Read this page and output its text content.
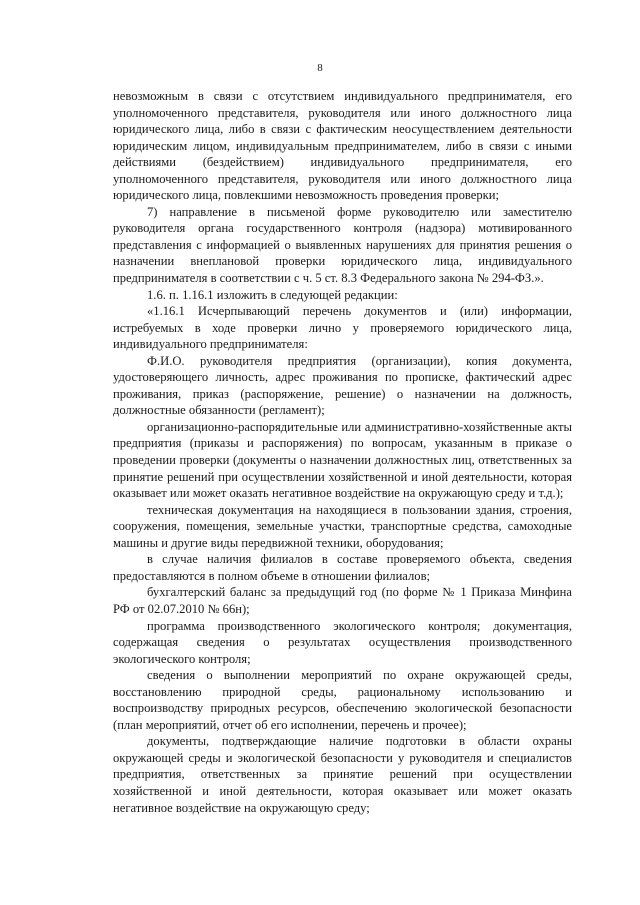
8

невозможным в связи с отсутствием индивидуального предпринимателя, его уполномоченного представителя, руководителя или иного должностного лица юридического лица, либо в связи с фактическим неосуществлением деятельности юридическим лицом, индивидуальным предпринимателем, либо в связи с иными действиями (бездействием) индивидуального предпринимателя, его уполномоченного представителя, руководителя или иного должностного лица юридического лица, повлекшими невозможность проведения проверки;

7) направление в письменой форме руководителю или заместителю руководителя органа государственного контроля (надзора) мотивированного представления с информацией о выявленных нарушениях для принятия решения о назначении внеплановой проверки юридического лица, индивидуального предпринимателя в соответствии с ч. 5 ст. 8.3 Федерального закона № 294-ФЗ.».

1.6. п. 1.16.1 изложить в следующей редакции:

«1.16.1 Исчерпывающий перечень документов и (или) информации, истребуемых в ходе проверки лично у проверяемого юридического лица, индивидуального предпринимателя:

Ф.И.О. руководителя предприятия (организации), копия документа, удостоверяющего личность, адрес проживания по прописке, фактический адрес проживания, приказ (распоряжение, решение) о назначении на должность, должностные обязанности (регламент);

организационно-распорядительные или административно-хозяйственные акты предприятия (приказы и распоряжения) по вопросам, указанным в приказе о проведении проверки (документы о назначении должностных лиц, ответственных за принятие решений при осуществлении хозяйственной и иной деятельности, которая оказывает или может оказать негативное воздействие на окружающую среду и т.д.);

техническая документация на находящиеся в пользовании здания, строения, сооружения, помещения, земельные участки, транспортные средства, самоходные машины и другие виды передвижной техники, оборудования;

в случае наличия филиалов в составе проверяемого объекта, сведения предоставляются в полном объеме в отношении филиалов;

бухгалтерский баланс за предыдущий год (по форме № 1 Приказа Минфина РФ от 02.07.2010 № 66н);

программа производственного экологического контроля; документация, содержащая сведения о результатах осуществления производственного экологического контроля;

сведения о выполнении мероприятий по охране окружающей среды, восстановлению природной среды, рациональному использованию и воспроизводству природных ресурсов, обеспечению экологической безопасности (план мероприятий, отчет об его исполнении, перечень и прочее);

документы, подтверждающие наличие подготовки в области охраны окружающей среды и экологической безопасности у руководителя и специалистов предприятия, ответственных за принятие решений при осуществлении хозяйственной и иной деятельности, которая оказывает или может оказать негативное воздействие на окружающую среду;
